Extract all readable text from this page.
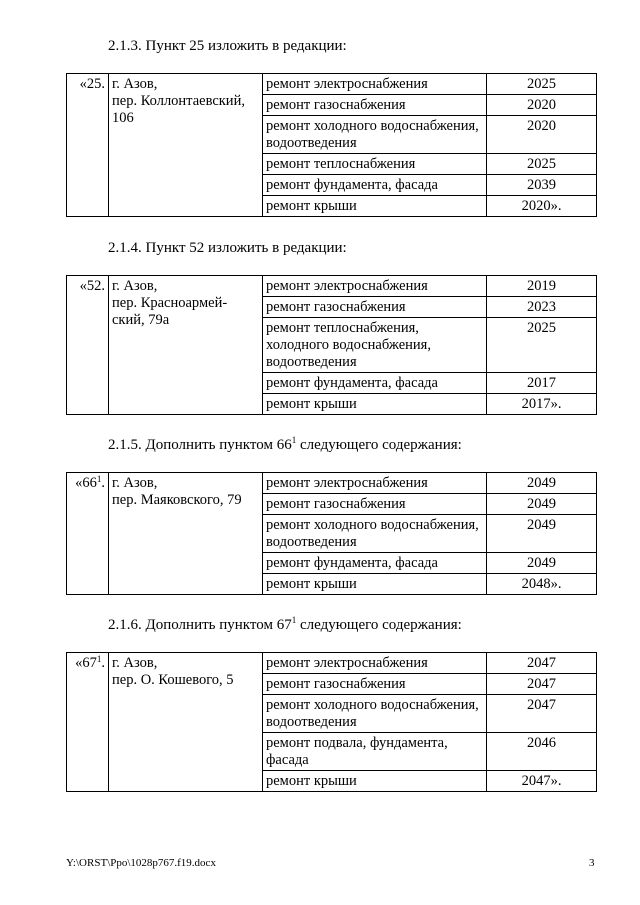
2.1.3. Пункт 25 изложить в редакции:
«25.	г. Азов,
пер. Коллонтаевский, 106	ремонт электроснабжения	2025
		ремонт газоснабжения	2020
		ремонт холодного водоснабжения, водоотведения	2020
		ремонт теплоснабжения	2025
		ремонт фундамента, фасада	2039
		ремонт крыши	2020».
2.1.4. Пункт 52 изложить в редакции:
«52.	г. Азов,
пер. Красноармей-ский, 79а	ремонт электроснабжения	2019
		ремонт газоснабжения	2023
		ремонт теплоснабжения, холодного водоснабжения, водоотведения	2025
		ремонт фундамента, фасада	2017
		ремонт крыши	2017».
2.1.5. Дополнить пунктом $66^1$ следующего содержания:
«$66^1$.	г. Азов,
пер. Маяковского, 79	ремонт электроснабжения	2049
		ремонт газоснабжения	2049
		ремонт холодного водоснабжения, водоотведения	2049
		ремонт фундамента, фасада	2049
		ремонт крыши	2048».
2.1.6. Дополнить пунктом $67^1$ следующего содержания:
«$67^1$.	г. Азов,
пер. О. Кошевого, 5	ремонт электроснабжения	2047
		ремонт газоснабжения	2047
		ремонт холодного водоснабжения, водоотведения	2047
		ремонт подвала, фундамента, фасада	2046
		ремонт крыши	2047».
Y:\ORST\Ppo\1028p767.f19.docx	3
